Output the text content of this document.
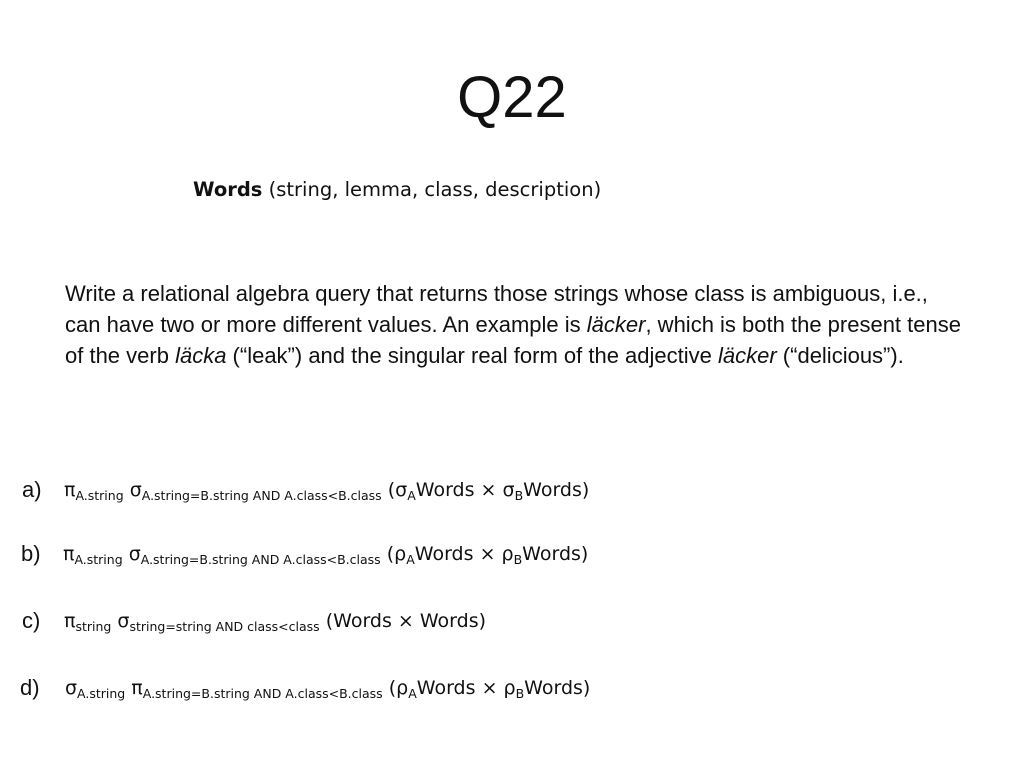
Q22
Words (string, lemma, class, description)
Write a relational algebra query that returns those strings whose class is ambiguous, i.e., can have two or more different values. An example is läcker, which is both the present tense of the verb läcka (“leak”) and the singular real form of the adjective läcker (“delicious”).
a) $\pi_{A.string}$ $\sigma_{A.string=B.string AND A.class<B.class}$ ($\sigma_AWords$ × $\sigma_BWords$)
b) $\pi_{A.string}$ $\sigma_{A.string=B.string AND A.class<B.class}$ ($\rho_AWords$ × $\rho_BWords$)
c) $\pi_{string}$ $\sigma_{string=string AND class<class}$ (Words × Words)
d) $\sigma_{A.string}$ $\pi_{A.string=B.string AND A.class<B.class}$ ($\rho_AWords$ × $\rho_BWords$)
